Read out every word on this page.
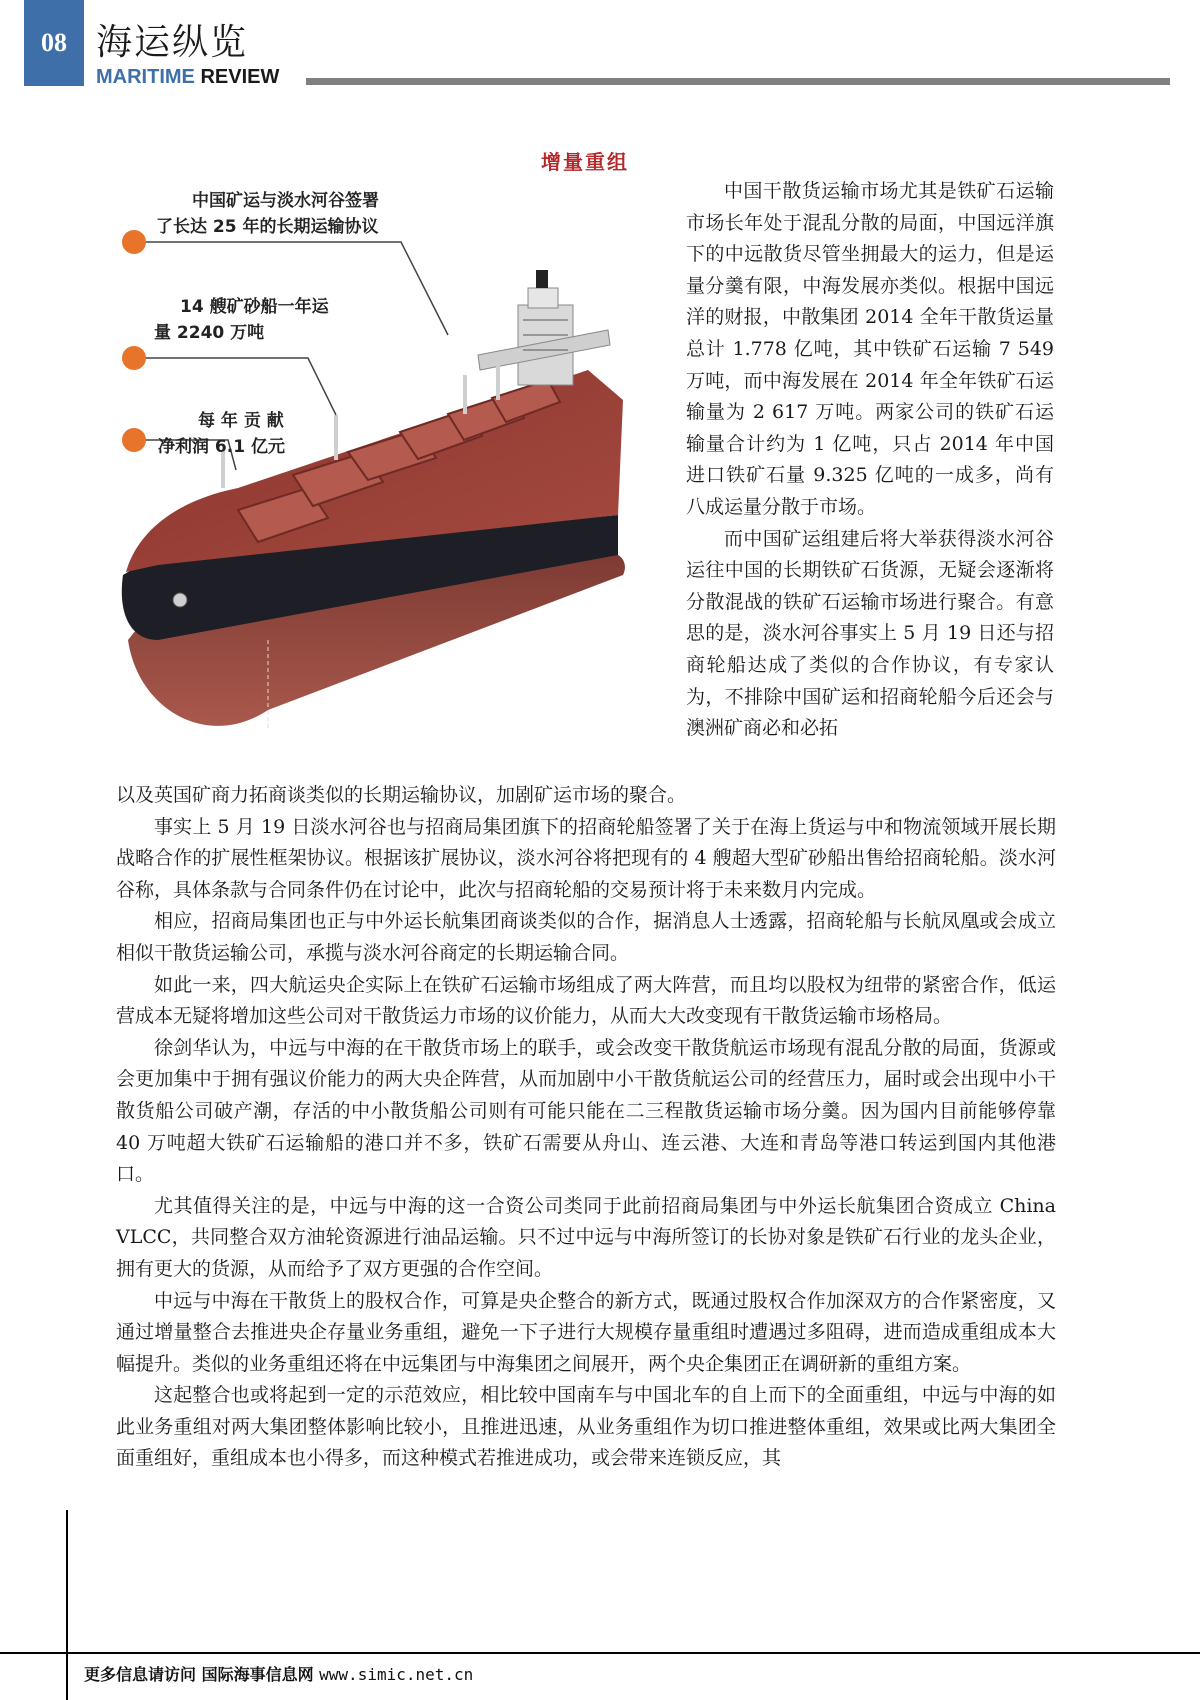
08 海运纵览
MARITIME REVIEW
增量重组
中国矿运与淡水河谷签署
了长达 25 年的长期运输协议
14 艘矿砂船一年运
量 2240 万吨
每 年 贡 献
净利润 6.1 亿元

中国干散货运输市场尤其是铁矿石运输市场长年处于混乱分散的局面，中国远洋旗下的中远散货尽管坐拥最大的运力，但是运量分羹有限，中海发展亦类似。根据中国远洋的财报，中散集团 2014 全年干散货运量总计 1.778 亿吨，其中铁矿石运输 7 549 万吨，而中海发展在 2014 年全年铁矿石运输量为 2 617 万吨。两家公司的铁矿石运输量合计约为 1 亿吨，只占 2014 年中国进口铁矿石量 9.325 亿吨的一成多，尚有八成运量分散于市场。

而中国矿运组建后将大举获得淡水河谷运往中国的长期铁矿石货源，无疑会逐渐将分散混战的铁矿石运输市场进行聚合。有意思的是，淡水河谷事实上 5 月 19 日还与招商轮船达成了类似的合作协议，有专家认为，不排除中国矿运和招商轮船今后还会与澳洲矿商必和必拓

以及英国矿商力拓商谈类似的长期运输协议，加剧矿运市场的聚合。

事实上 5 月 19 日淡水河谷也与招商局集团旗下的招商轮船签署了关于在海上货运与中和物流领域开展长期战略合作的扩展性框架协议。根据该扩展协议，淡水河谷将把现有的 4 艘超大型矿砂船出售给招商轮船。淡水河谷称，具体条款与合同条件仍在讨论中，此次与招商轮船的交易预计将于未来数月内完成。

相应，招商局集团也正与中外运长航集团商谈类似的合作，据消息人士透露，招商轮船与长航凤凰或会成立相似干散货运输公司，承揽与淡水河谷商定的长期运输合同。

如此一来，四大航运央企实际上在铁矿石运输市场组成了两大阵营，而且均以股权为纽带的紧密合作，低运营成本无疑将增加这些公司对干散货运力市场的议价能力，从而大大改变现有干散货运输市场格局。

徐剑华认为，中远与中海的在干散货市场上的联手，或会改变干散货航运市场现有混乱分散的局面，货源或会更加集中于拥有强议价能力的两大央企阵营，从而加剧中小干散货航运公司的经营压力，届时或会出现中小干散货船公司破产潮，存活的中小散货船公司则有可能只能在二三程散货运输市场分羹。因为国内目前能够停靠 40 万吨超大铁矿石运输船的港口并不多，铁矿石需要从舟山、连云港、大连和青岛等港口转运到国内其他港口。

尤其值得关注的是，中远与中海的这一合资公司类同于此前招商局集团与中外运长航集团合资成立 China VLCC，共同整合双方油轮资源进行油品运输。只不过中远与中海所签订的长协对象是铁矿石行业的龙头企业，拥有更大的货源，从而给予了双方更强的合作空间。

中远与中海在干散货上的股权合作，可算是央企整合的新方式，既通过股权合作加深双方的合作紧密度，又通过增量整合去推进央企存量业务重组，避免一下子进行大规模存量重组时遭遇过多阻碍，进而造成重组成本大幅提升。类似的业务重组还将在中远集团与中海集团之间展开，两个央企集团正在调研新的重组方案。

这起整合也或将起到一定的示范效应，相比较中国南车与中国北车的自上而下的全面重组，中远与中海的如此业务重组对两大集团整体影响比较小，且推进迅速，从业务重组作为切口推进整体重组，效果或比两大集团全面重组好，重组成本也小得多，而这种模式若推进成功，或会带来连锁反应，其

更多信息请访问 国际海事信息网 www.simic.net.cn
